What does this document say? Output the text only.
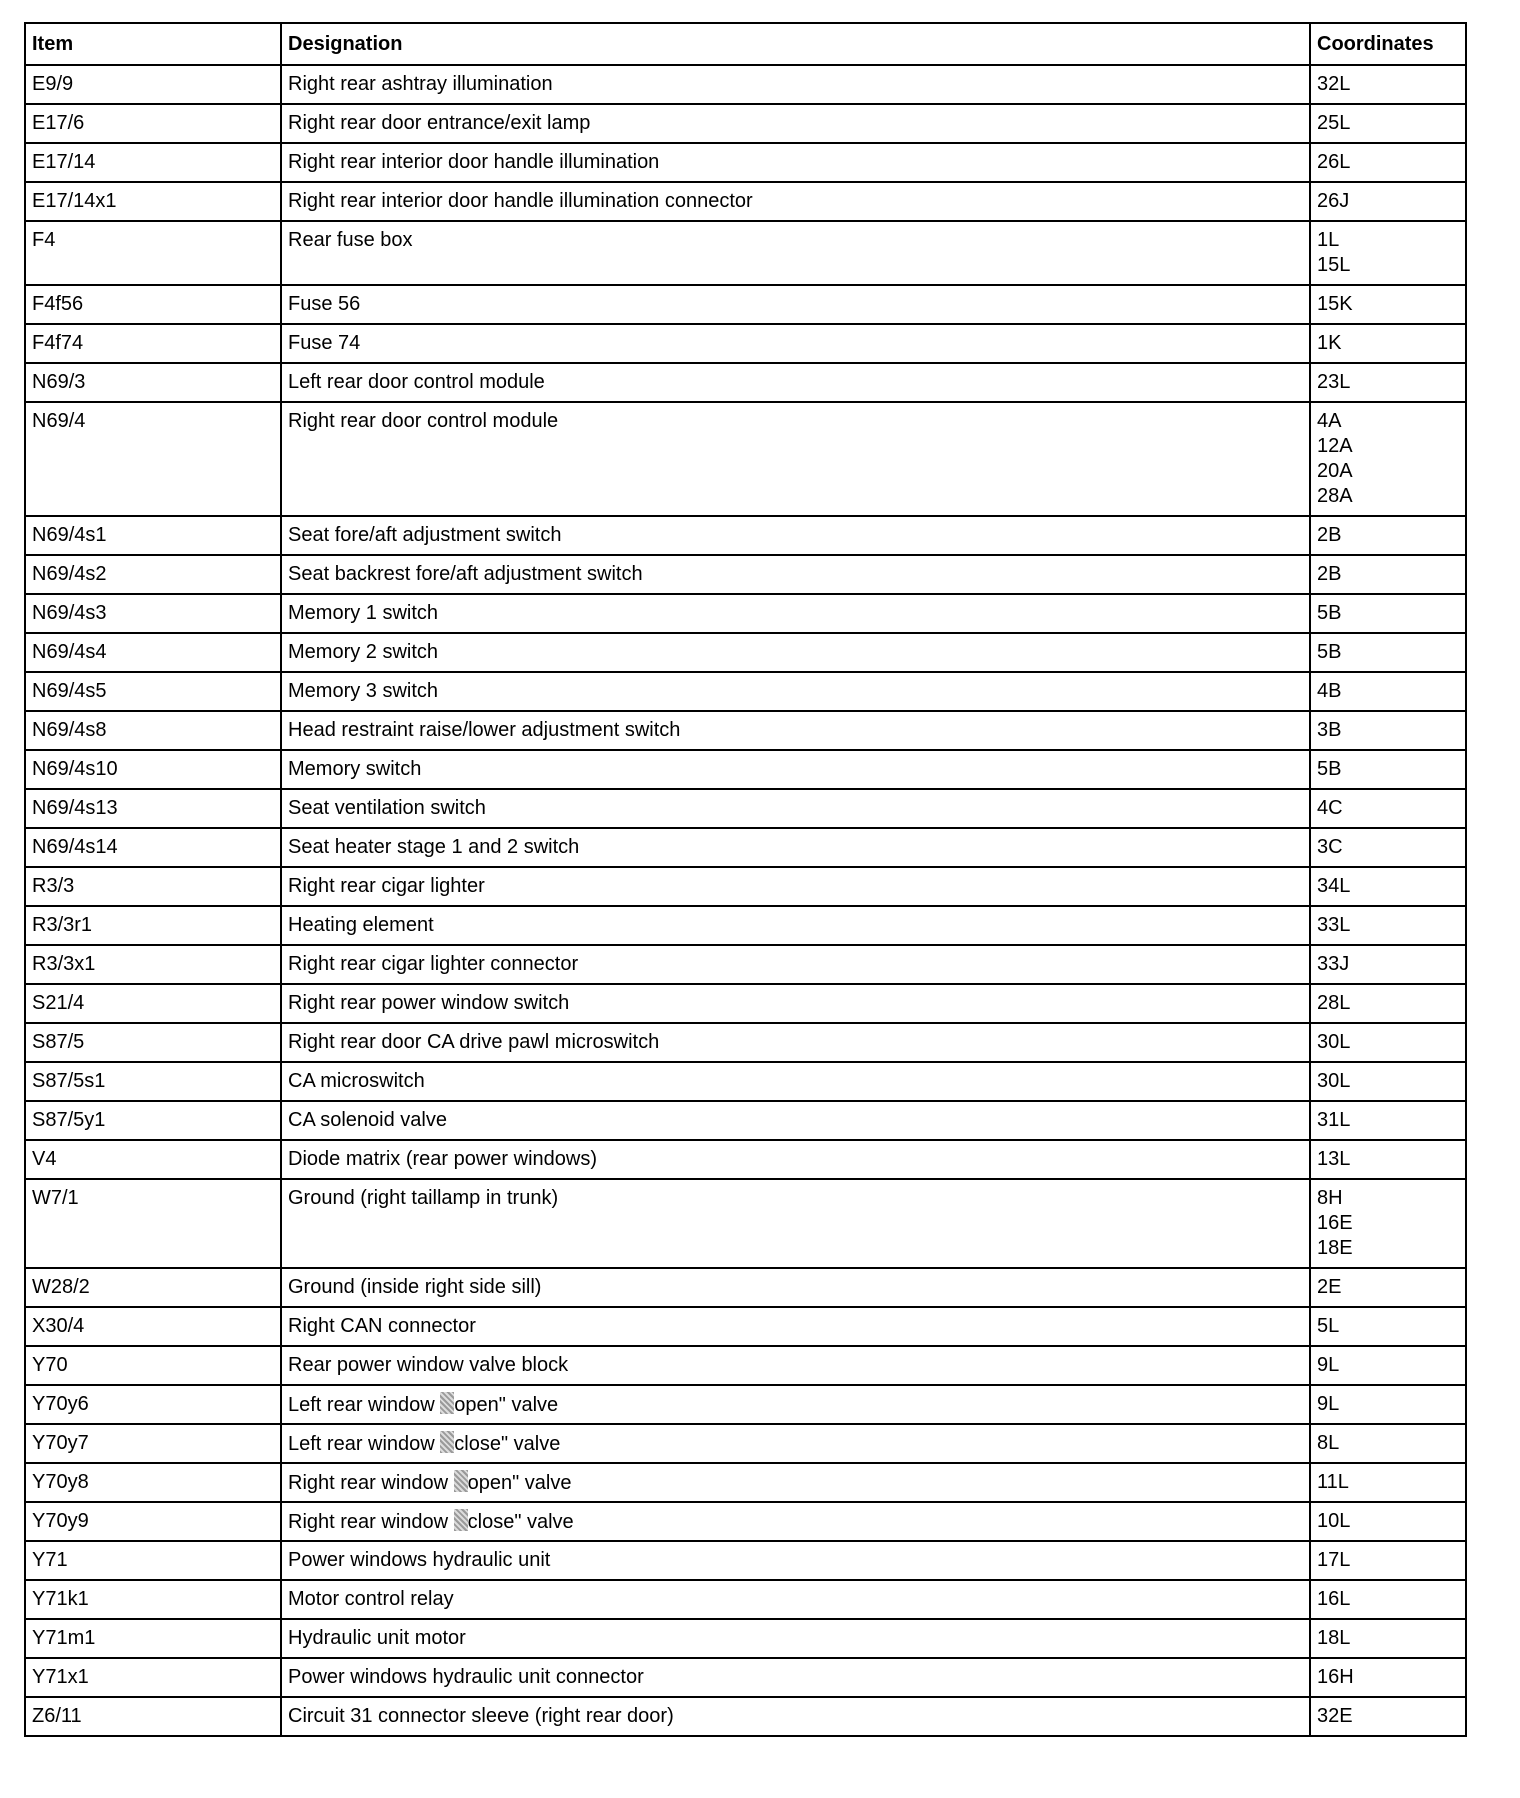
Item	Designation	Coordinates
E9/9	Right rear ashtray illumination	32L

E17/6	Right rear door entrance/exit lamp	25L

E17/14	Right rear interior door handle illumination	26L

E17/14x1	Right rear interior door handle illumination connector	26J

F4	Rear fuse box	1L
15L

F4f56	Fuse 56	15K

F4f74	Fuse 74	1K

N69/3	Left rear door control module	23L

N69/4	Right rear door control module	4A
12A
20A
28A

N69/4s1	Seat fore/aft adjustment switch	2B

N69/4s2	Seat backrest fore/aft adjustment switch	2B

N69/4s3	Memory 1 switch	5B

N69/4s4	Memory 2 switch	5B

N69/4s5	Memory 3 switch	4B

N69/4s8	Head restraint raise/lower adjustment switch	3B

N69/4s10	Memory switch	5B

N69/4s13	Seat ventilation switch	4C

N69/4s14	Seat heater stage 1 and 2 switch	3C

R3/3	Right rear cigar lighter	34L

R3/3r1	Heating element	33L

R3/3x1	Right rear cigar lighter connector	33J

S21/4	Right rear power window switch	28L

S87/5	Right rear door CA drive pawl microswitch	30L

S87/5s1	CA microswitch	30L

S87/5y1	CA solenoid valve	31L

V4	Diode matrix (rear power windows)	13L

W7/1	Ground (right taillamp in trunk)	8H
16E
18E

W28/2	Ground (inside right side sill)	2E

X30/4	Right CAN connector	5L

Y70	Rear power window valve block	9L

Y70y6	Left rear window open" valve	9L

Y70y7	Left rear window close" valve	8L

Y70y8	Right rear window open" valve	11L

Y70y9	Right rear window close" valve	10L

Y71	Power windows hydraulic unit	17L

Y71k1	Motor control relay	16L

Y71m1	Hydraulic unit motor	18L

Y71x1	Power windows hydraulic unit connector	16H

Z6/11	Circuit 31 connector sleeve (right rear door)	32E
